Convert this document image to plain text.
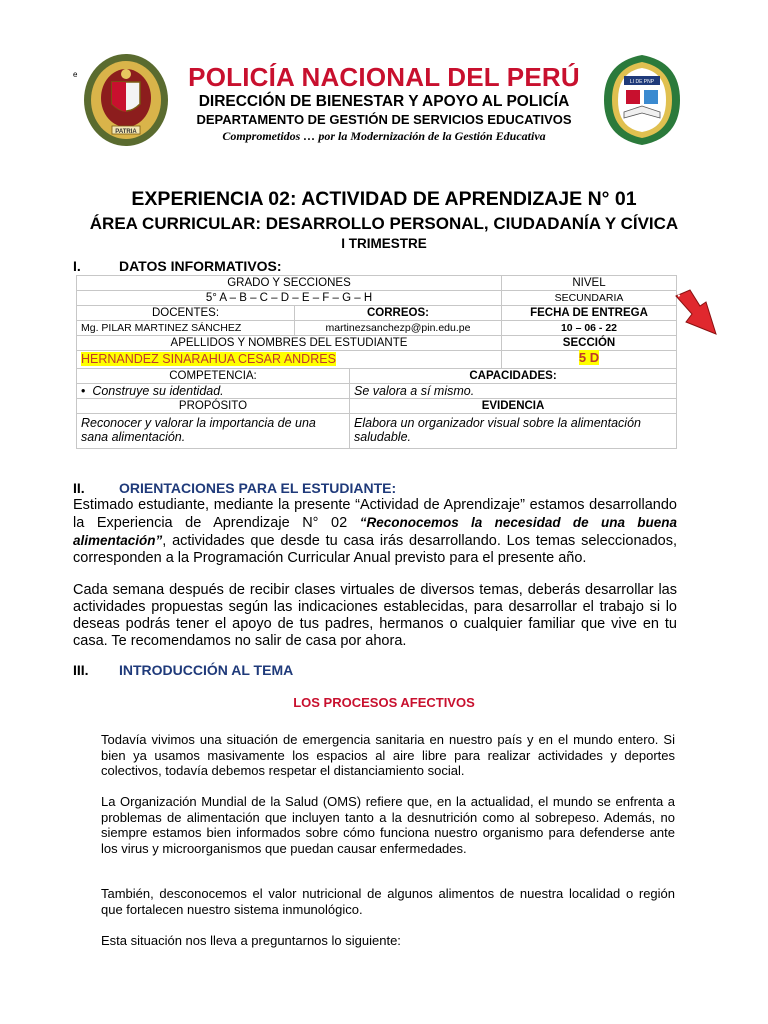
e
PATRIA
LI DE PNP
POLICÍA NACIONAL DEL PERÚ
DIRECCIÓN DE BIENESTAR Y APOYO AL POLICÍA
DEPARTAMENTO DE GESTIÓN DE SERVICIOS EDUCATIVOS
Comprometidos … por la Modernización de la Gestión Educativa
EXPERIENCIA 02: ACTIVIDAD DE APRENDIZAJE N° 01
ÁREA CURRICULAR: DESARROLLO PERSONAL, CIUDADANÍA Y CÍVICA
I TRIMESTRE
I.	DATOS INFORMATIVOS:
GRADO Y SECCIONES			NIVEL
5° A – B – C – D – E – F – G – H			SECUNDARIA
DOCENTES:	CORREOS:		FECHA DE ENTREGA
Mg. PILAR MARTINEZ SÁNCHEZ	martinezsanchezp@pin.edu.pe		10 – 06 - 22
APELLIDOS Y NOMBRES DEL ESTUDIANTE			SECCIÓN
HERNANDEZ SINARAHUA CESAR ANDRES			5 D
COMPETENCIA:		CAPACIDADES:	
•  Construye su identidad.		Se valora a sí mismo.	
PROPÓSITO		EVIDENCIA	
Reconocer y valorar la importancia de una sana alimentación.		Elabora un organizador visual sobre la alimentación saludable.	
II. ORIENTACIONES PARA EL ESTUDIANTE:
Estimado estudiante, mediante la presente “Actividad de Aprendizaje” estamos desarrollando la Experiencia de Aprendizaje N° 02 “Reconocemos la necesidad de una buena alimentación”, actividades que desde tu casa irás desarrollando. Los temas seleccionados, corresponden a la Programación Curricular Anual previsto para el presente año.
Cada semana después de recibir clases virtuales de diversos temas, deberás desarrollar las actividades propuestas según las indicaciones establecidas, para desarrollar el trabajo si lo deseas podrás tener el apoyo de tus padres, hermanos o cualquier familiar que vive en tu casa. Te recomendamos no salir de casa por ahora.
III. INTRODUCCIÓN AL TEMA
LOS PROCESOS AFECTIVOS
Todavía vivimos una situación de emergencia sanitaria en nuestro país y en el mundo entero. Si bien ya usamos masivamente los espacios al aire libre para realizar actividades y deportes colectivos, todavía debemos respetar el distanciamiento social.
La Organización Mundial de la Salud (OMS) refiere que, en la actualidad, el mundo se enfrenta a problemas de alimentación que incluyen tanto a la desnutrición como al sobrepeso. Además, no siempre estamos bien informados sobre cómo funciona nuestro organismo para defenderse ante los virus y microorganismos que puedan causar enfermedades.
También, desconocemos el valor nutricional de algunos alimentos de nuestra localidad o región que fortalecen nuestro sistema inmunológico.
Esta situación nos lleva a preguntarnos lo siguiente:
